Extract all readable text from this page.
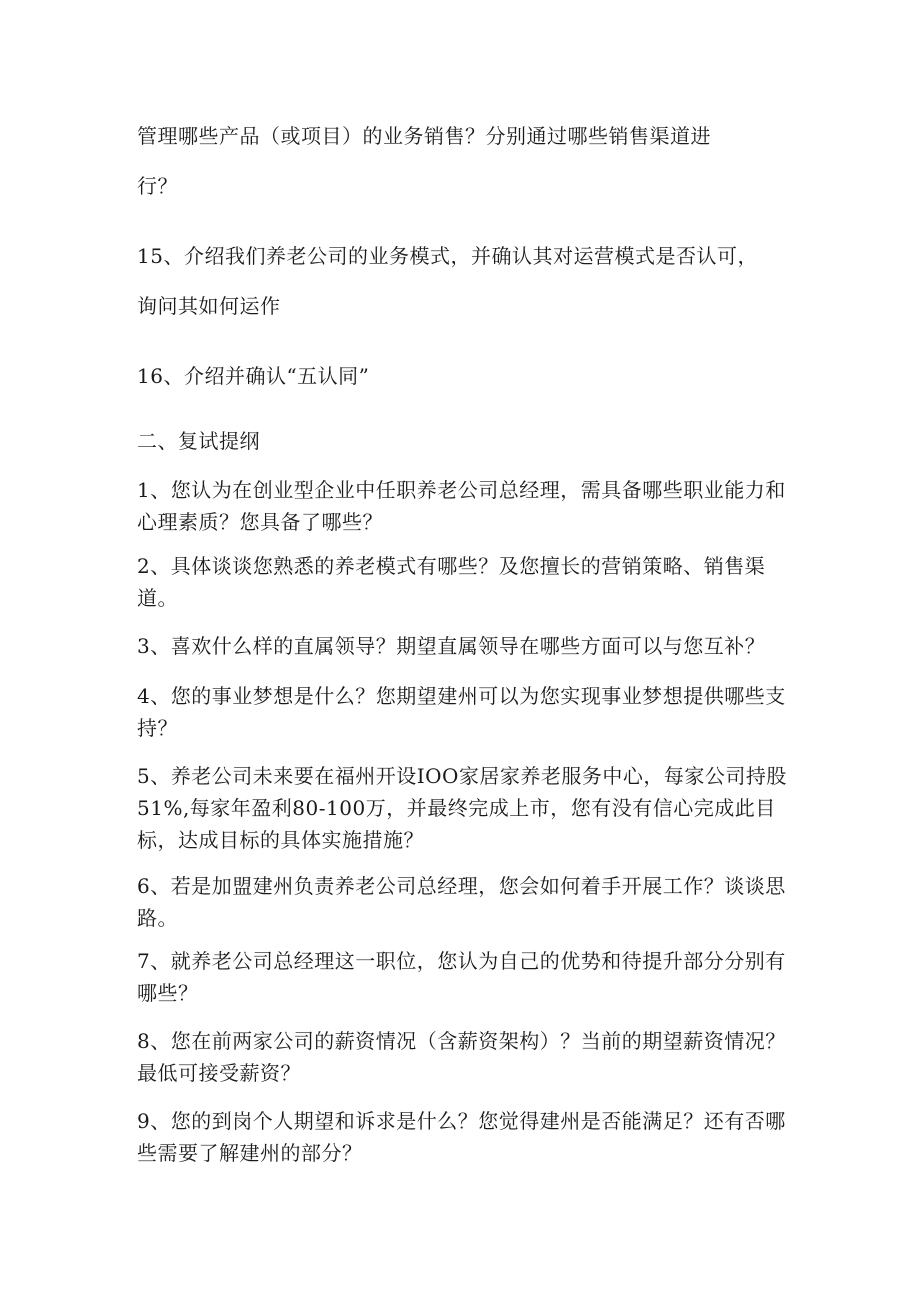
管理哪些产品（或项目）的业务销售？分别通过哪些销售渠道进

行？

15、介绍我们养老公司的业务模式，并确认其对运营模式是否认可，

询问其如何运作

16、介绍并确认“五认同”

二、复试提纲

1、您认为在创业型企业中任职养老公司总经理，需具备哪些职业能力和心理素质？您具备了哪些？

2、具体谈谈您熟悉的养老模式有哪些？及您擅长的营销策略、销售渠道。

3、喜欢什么样的直属领导？期望直属领导在哪些方面可以与您互补？

4、您的事业梦想是什么？您期望建州可以为您实现事业梦想提供哪些支持？

5、养老公司未来要在福州开设IOO家居家养老服务中心，每家公司持股51%,每家年盈利80-100万，并最终完成上市，您有没有信心完成此目标，达成目标的具体实施措施？

6、若是加盟建州负责养老公司总经理，您会如何着手开展工作？谈谈思路。

7、就养老公司总经理这一职位，您认为自己的优势和待提升部分分别有哪些？

8、您在前两家公司的薪资情况（含薪资架构）？当前的期望薪资情况？最低可接受薪资？

9、您的到岗个人期望和诉求是什么？您觉得建州是否能满足？还有否哪些需要了解建州的部分？
